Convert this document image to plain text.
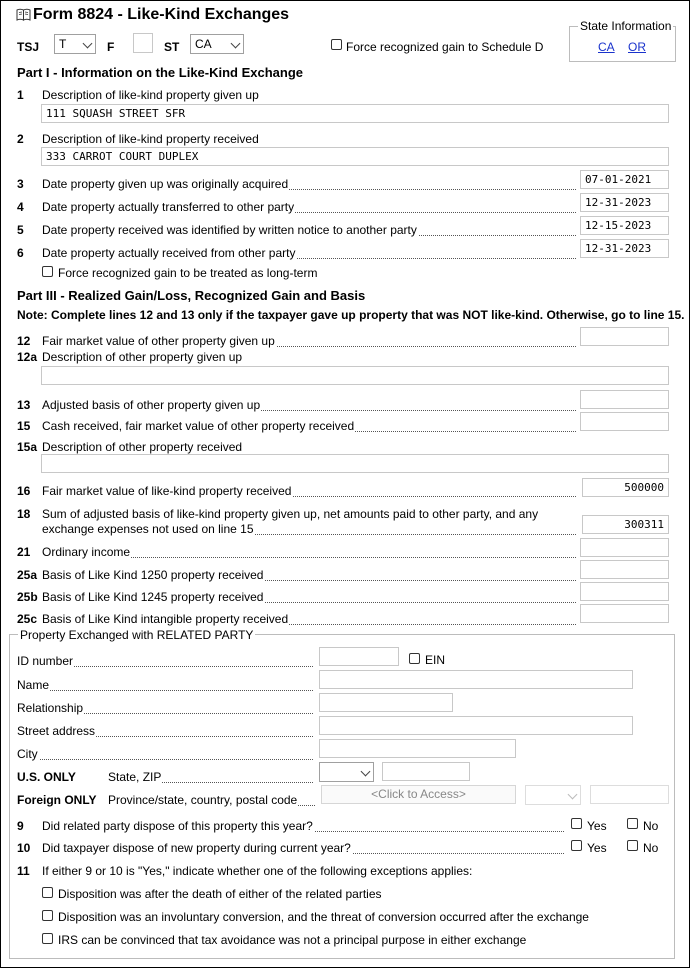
Form 8824 - Like-Kind Exchanges
TSJ	T	F	ST	CA	Force recognized gain to Schedule D
State Information
CA OR
Part I - Information on the Like-Kind Exchange
1 Description of like-kind property given up
111 SQUASH STREET SFR
2 Description of like-kind property received
333 CARROT COURT DUPLEX
3 Date property given up was originally acquired	07-01-2021
4 Date property actually transferred to other party	12-31-2023
5 Date property received was identified by written notice to another party	12-15-2023
6 Date property actually received from other party	12-31-2023
Force recognized gain to be treated as long-term
Part III - Realized Gain/Loss, Recognized Gain and Basis
Note: Complete lines 12 and 13 only if the taxpayer gave up property that was NOT like-kind. Otherwise, go to line 15.
12 Fair market value of other property given up
12a Description of other property given up
13 Adjusted basis of other property given up
15 Cash received, fair market value of other property received
15a Description of other property received
16 Fair market value of like-kind property received	500000
18 Sum of adjusted basis of like-kind property given up, net amounts paid to other party, and any
exchange expenses not used on line 15	300311
21 Ordinary income
25a Basis of Like Kind 1250 property received
25b Basis of Like Kind 1245 property received
25c Basis of Like Kind intangible property received
Property Exchanged with RELATED PARTY
ID number	EIN
Name
Relationship
Street address
City
U.S. ONLY	State, ZIP
Foreign ONLY Province/state, country, postal code	<Click to Access>
9 Did related party dispose of this property this year?	Yes	No
10 Did taxpayer dispose of new property during current year?	Yes	No
11 If either 9 or 10 is "Yes," indicate whether one of the following exceptions applies:
Disposition was after the death of either of the related parties
Disposition was an involuntary conversion, and the threat of conversion occurred after the exchange
IRS can be convinced that tax avoidance was not a principal purpose in either exchange
